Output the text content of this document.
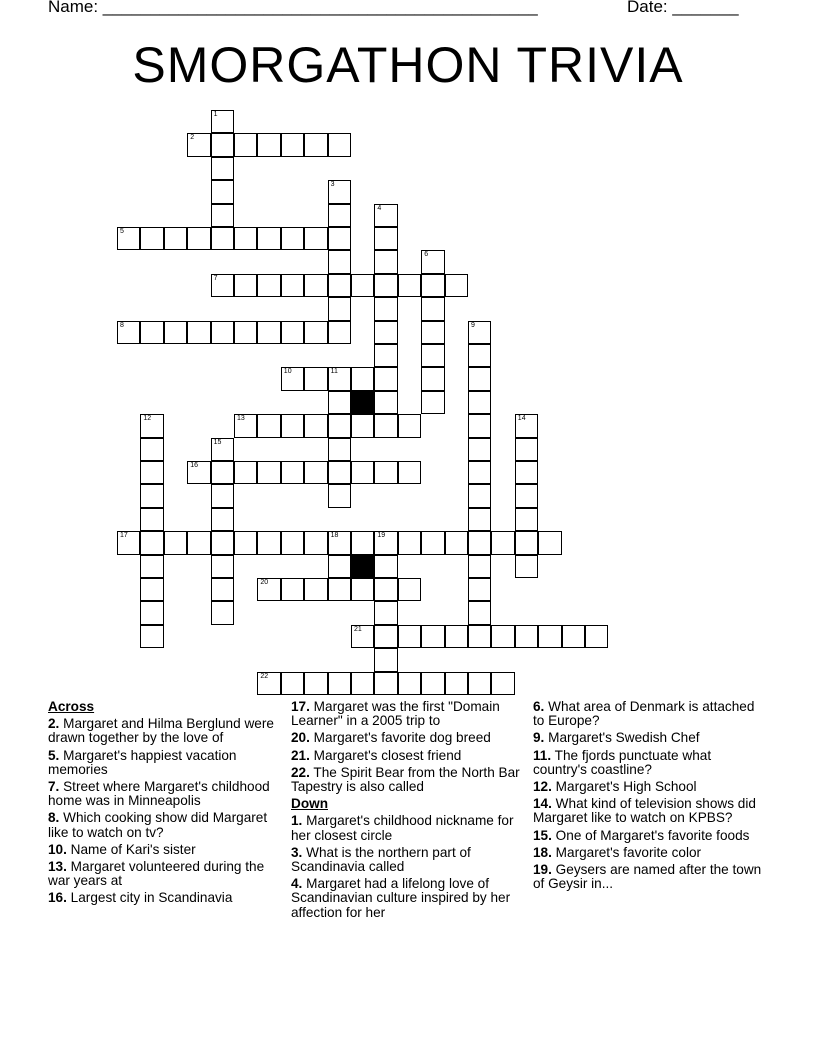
Name: ______________________________________________	Date: _______
SMORGATHON TRIVIA
2
5
7
8
10	11
13
16
17	18	19
20
21
22
1
3
4
6
9
12	14
15
Across
2. Margaret and Hilma Berglund were drawn together by the love of
5. Margaret's happiest vacation memories
7. Street where Margaret's childhood home was in Minneapolis
8. Which cooking show did Margaret like to watch on tv?
10. Name of Kari's sister
13. Margaret volunteered during the war years at
16. Largest city in Scandinavia
17. Margaret was the first "Domain Learner" in a 2005 trip to
20. Margaret's favorite dog breed
21. Margaret's closest friend
22. The Spirit Bear from the North Bar Tapestry is also called
Down
1. Margaret's childhood nickname for her closest circle
3. What is the northern part of Scandinavia called
4. Margaret had a lifelong love of Scandinavian culture inspired by her affection for her
6. What area of Denmark is attached to Europe?
9. Margaret's Swedish Chef
11. The fjords punctuate what country's coastline?
12. Margaret's High School
14. What kind of television shows did Margaret like to watch on KPBS?
15. One of Margaret's favorite foods
18. Margaret's favorite color
19. Geysers are named after the town of Geysir in...
